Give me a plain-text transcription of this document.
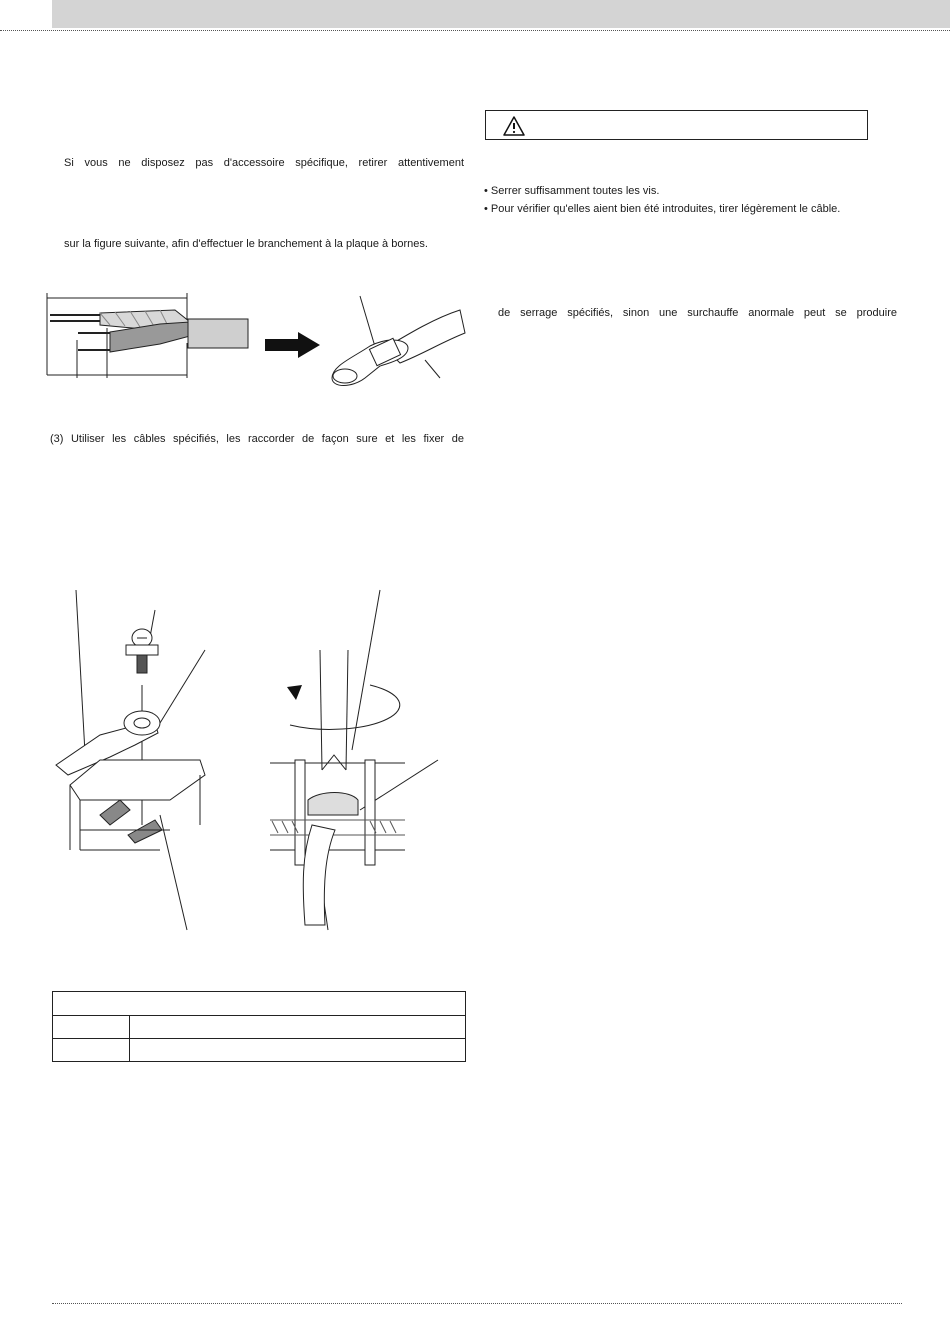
Si vous ne disposez pas d'accessoire spécifique, retirer attentivement
sur la figure suivante, afin d'effectuer le branchement à la plaque à bornes.
(3) Utiliser les câbles spécifiés, les raccorder de façon sure et les fixer de
• Serrer suffisamment toutes les vis.
• Pour vérifier qu'elles aient bien été introduites, tirer légèrement le câble.
de serrage spécifiés, sinon une surchauffe anormale peut se produire
